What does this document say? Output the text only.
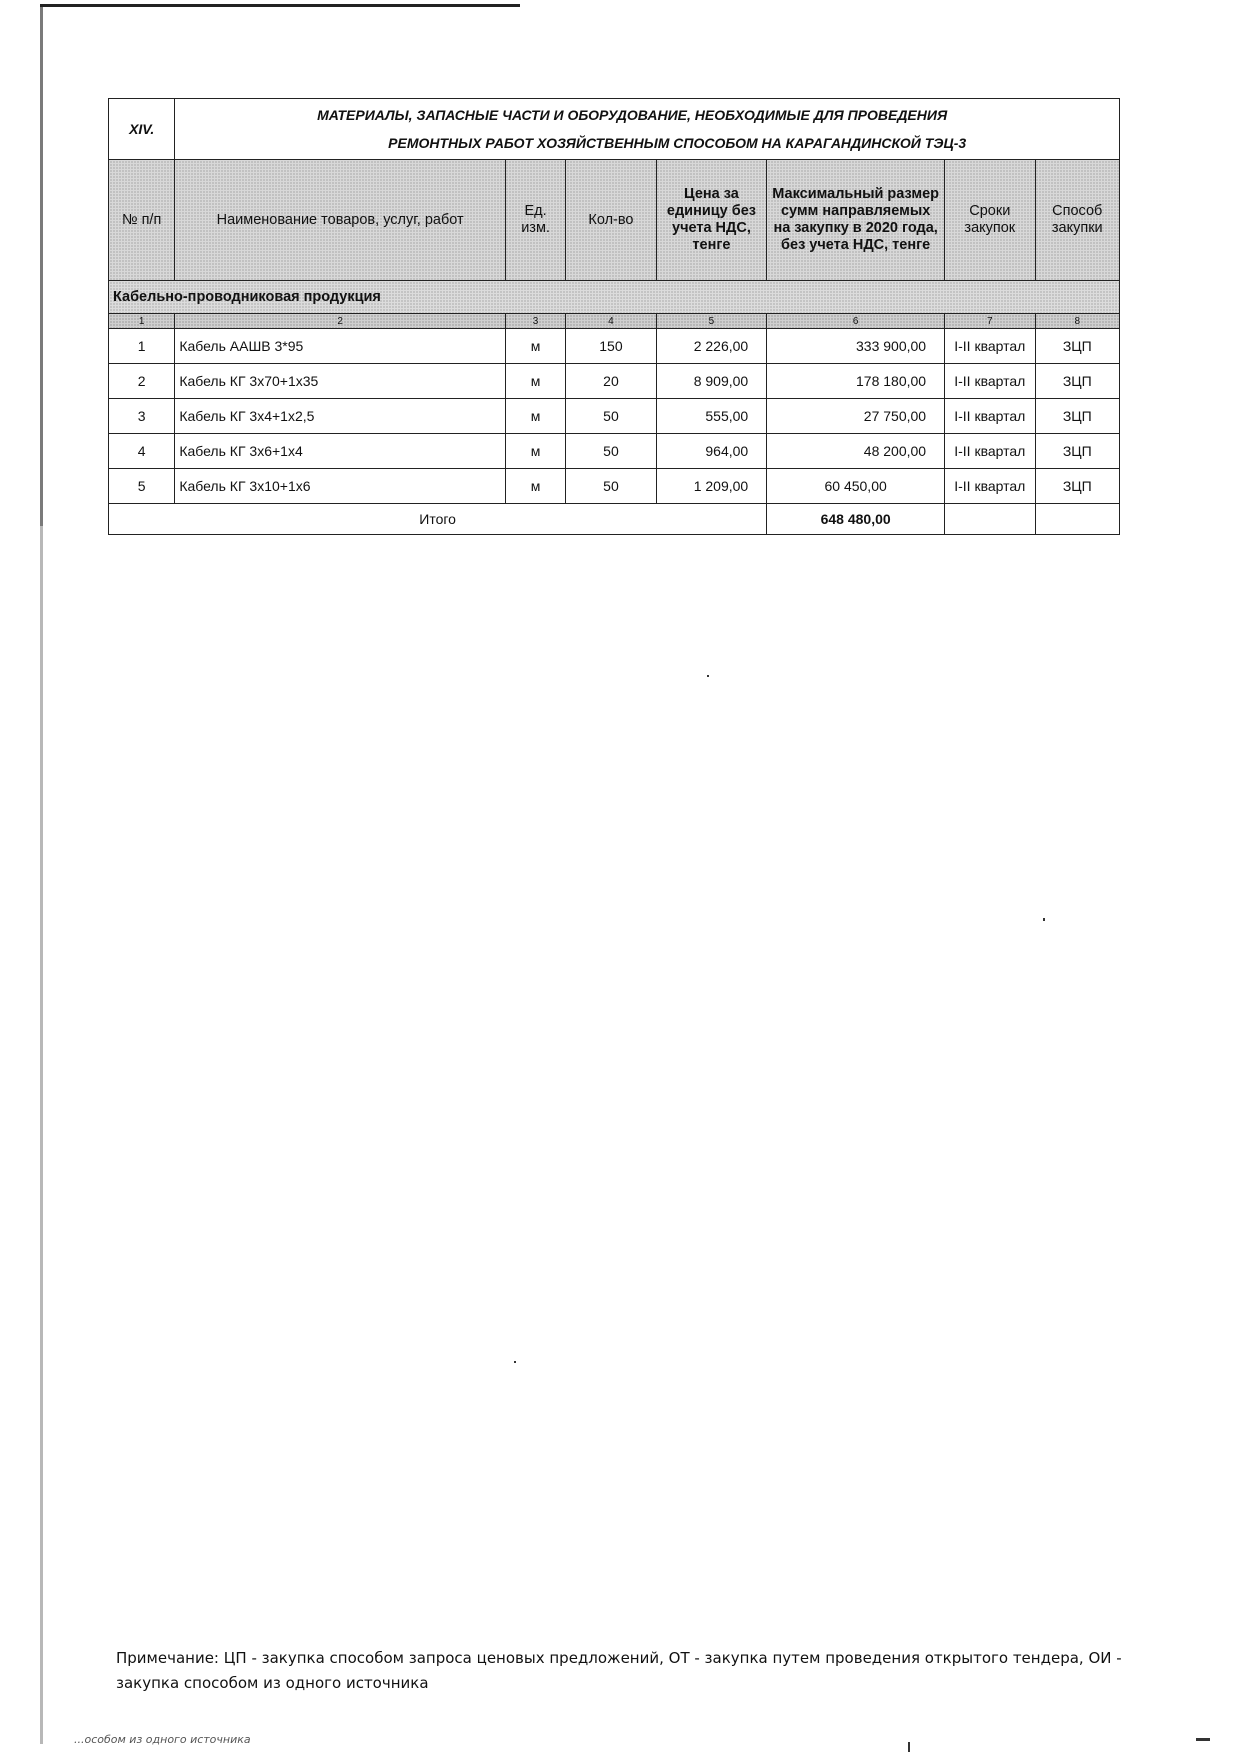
XIV.	МАТЕРИАЛЫ, ЗАПАСНЫЕ ЧАСТИ И ОБОРУДОВАНИЕ, НЕОБХОДИМЫЕ ДЛЯ ПРОВЕДЕНИЯ
РЕМОНТНЫХ РАБОТ ХОЗЯЙСТВЕННЫМ СПОСОБОМ НА КАРАГАНДИНСКОЙ ТЭЦ-3						

№ п/п	Наименование товаров, услуг, работ	Ед. изм.	Кол-во	Цена за единицу без учета НДС, тенге	Максимальный размер сумм направляемых на закупку в 2020 года, без учета НДС, тенге	Сроки закупок	Способ закупки
Кабельно-проводниковая продукция							
1	2	3	4	5	6	7	8
1	Кабель ААШВ 3*95	м	150	2 226,00	333 900,00	I-II квартал	ЗЦП
2	Кабель КГ 3х70+1х35	м	20	8 909,00	178 180,00	I-II квартал	ЗЦП
3	Кабель КГ 3х4+1х2,5	м	50	555,00	27 750,00	I-II квартал	ЗЦП
4	Кабель КГ 3х6+1х4	м	50	964,00	48 200,00	I-II квартал	ЗЦП
5	Кабель КГ 3х10+1х6	м	50	1 209,00	60 450,00	I-II квартал	ЗЦП
Итого					648 480,00		
Примечание: ЦП - закупка способом запроса ценовых предложений, ОТ - закупка путем проведения открытого тендера, ОИ - закупка способом из одного источника
...особом из одного источника
